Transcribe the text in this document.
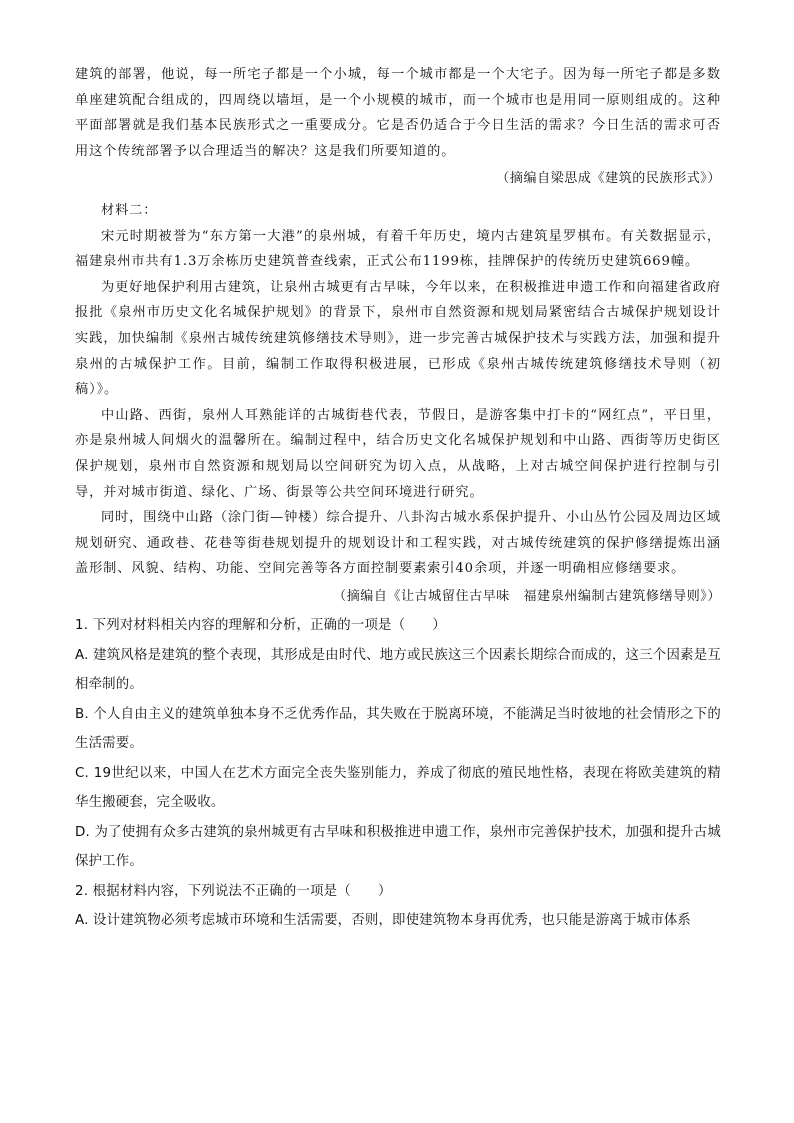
建筑的部署，他说，每一所宅子都是一个小城，每一个城市都是一个大宅子。因为每一所宅子都是多数单座建筑配合组成的，四周绕以墙垣，是一个小规模的城市，而一个城市也是用同一原则组成的。这种平面部署就是我们基本民族形式之一重要成分。它是否仍适合于今日生活的需求？今日生活的需求可否用这个传统部署予以合理适当的解决？这是我们所要知道的。

（摘编自梁思成《建筑的民族形式》）

材料二：

宋元时期被誉为“东方第一大港”的泉州城，有着千年历史，境内古建筑星罗棋布。有关数据显示，福建泉州市共有1.3万余栋历史建筑普查线索，正式公布1199栋，挂牌保护的传统历史建筑669幢。

为更好地保护利用古建筑，让泉州古城更有古早味，今年以来，在积极推进申遗工作和向福建省政府报批《泉州市历史文化名城保护规划》的背景下，泉州市自然资源和规划局紧密结合古城保护规划设计实践，加快编制《泉州古城传统建筑修缮技术导则》，进一步完善古城保护技术与实践方法，加强和提升泉州的古城保护工作。目前，编制工作取得积极进展，已形成《泉州古城传统建筑修缮技术导则（初稿）》。

中山路、西街，泉州人耳熟能详的古城街巷代表，节假日，是游客集中打卡的“网红点”，平日里，亦是泉州城人间烟火的温馨所在。编制过程中，结合历史文化名城保护规划和中山路、西街等历史街区保护规划，泉州市自然资源和规划局以空间研究为切入点，从战略，上对古城空间保护进行控制与引导，并对城市街道、绿化、广场、街景等公共空间环境进行研究。

同时，围绕中山路（涂门街—钟楼）综合提升、八卦沟古城水系保护提升、小山丛竹公园及周边区域规划研究、通政巷、花巷等街巷规划提升的规划设计和工程实践，对古城传统建筑的保护修缮提炼出涵盖形制、风貌、结构、功能、空间完善等各方面控制要素索引40余项，并逐一明确相应修缮要求。

（摘编自《让古城留住古早味　福建泉州编制古建筑修缮导则》）

1. 下列对材料相关内容的理解和分析，正确的一项是（　　）

A. 建筑风格是建筑的整个表现，其形成是由时代、地方或民族这三个因素长期综合而成的，这三个因素是互相牵制的。

B. 个人自由主义的建筑单独本身不乏优秀作品，其失败在于脱离环境，不能满足当时彼地的社会情形之下的生活需要。

C. 19世纪以来，中国人在艺术方面完全丧失鉴别能力，养成了彻底的殖民地性格，表现在将欧美建筑的精华生搬硬套，完全吸收。

D. 为了使拥有众多古建筑的泉州城更有古早味和积极推进申遗工作，泉州市完善保护技术，加强和提升古城保护工作。

2. 根据材料内容，下列说法不正确的一项是（　　）

A. 设计建筑物必须考虑城市环境和生活需要，否则，即使建筑物本身再优秀，也只能是游离于城市体系
